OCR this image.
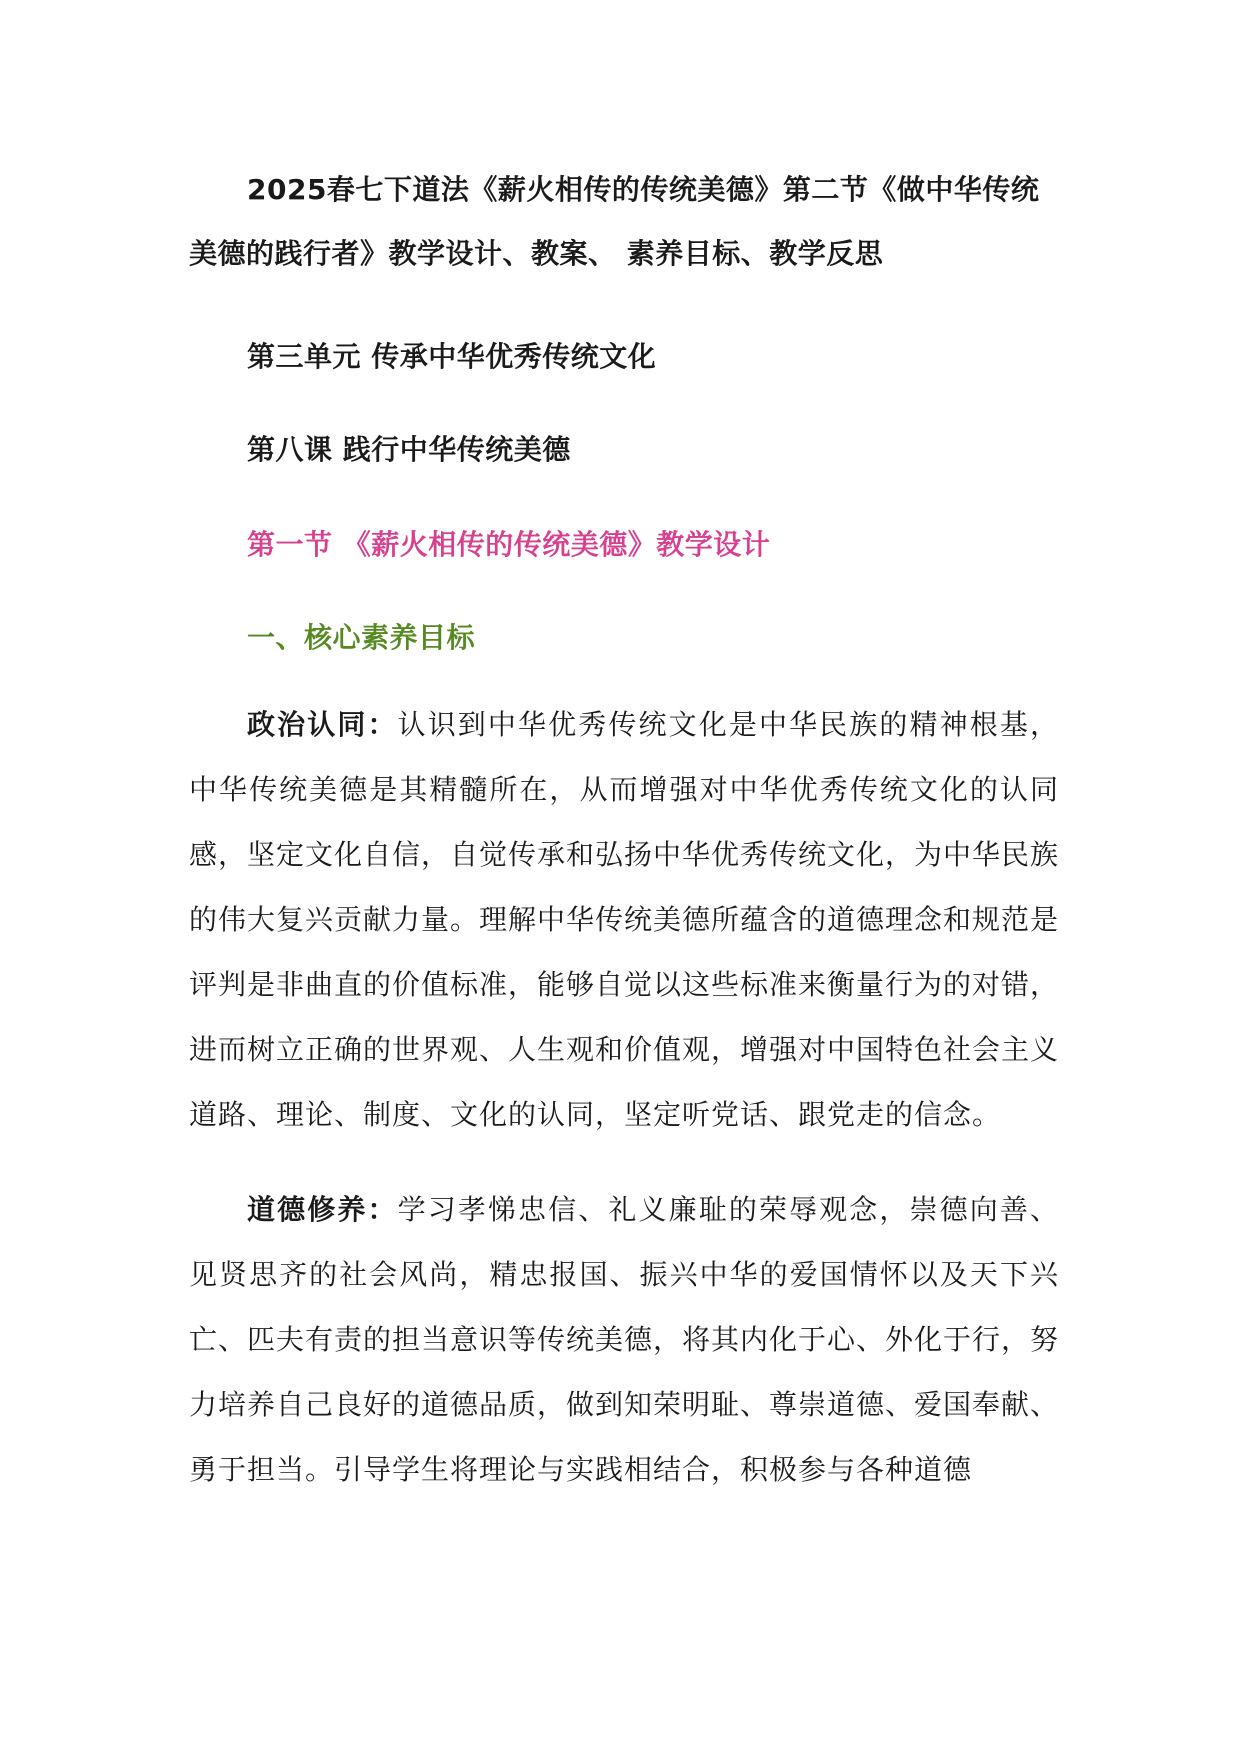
2025春七下道法《薪火相传的传统美德》第二节《做中华传统美德的践行者》教学设计、教案、 素养目标、教学反思

第三单元 传承中华优秀传统文化

第八课 践行中华传统美德

第一节 《薪火相传的传统美德》教学设计

一、核心素养目标

政治认同：认识到中华优秀传统文化是中华民族的精神根基，中华传统美德是其精髓所在，从而增强对中华优秀传统文化的认同感，坚定文化自信，自觉传承和弘扬中华优秀传统文化，为中华民族的伟大复兴贡献力量。理解中华传统美德所蕴含的道德理念和规范是评判是非曲直的价值标准，能够自觉以这些标准来衡量行为的对错，进而树立正确的世界观、人生观和价值观，增强对中国特色社会主义道路、理论、制度、文化的认同，坚定听党话、跟党走的信念。

道德修养：学习孝悌忠信、礼义廉耻的荣辱观念，崇德向善、见贤思齐的社会风尚，精忠报国、振兴中华的爱国情怀以及天下兴亡、匹夫有责的担当意识等传统美德，将其内化于心、外化于行，努力培养自己良好的道德品质，做到知荣明耻、尊崇道德、爱国奉献、勇于担当。引导学生将理论与实践相结合，积极参与各种道德
